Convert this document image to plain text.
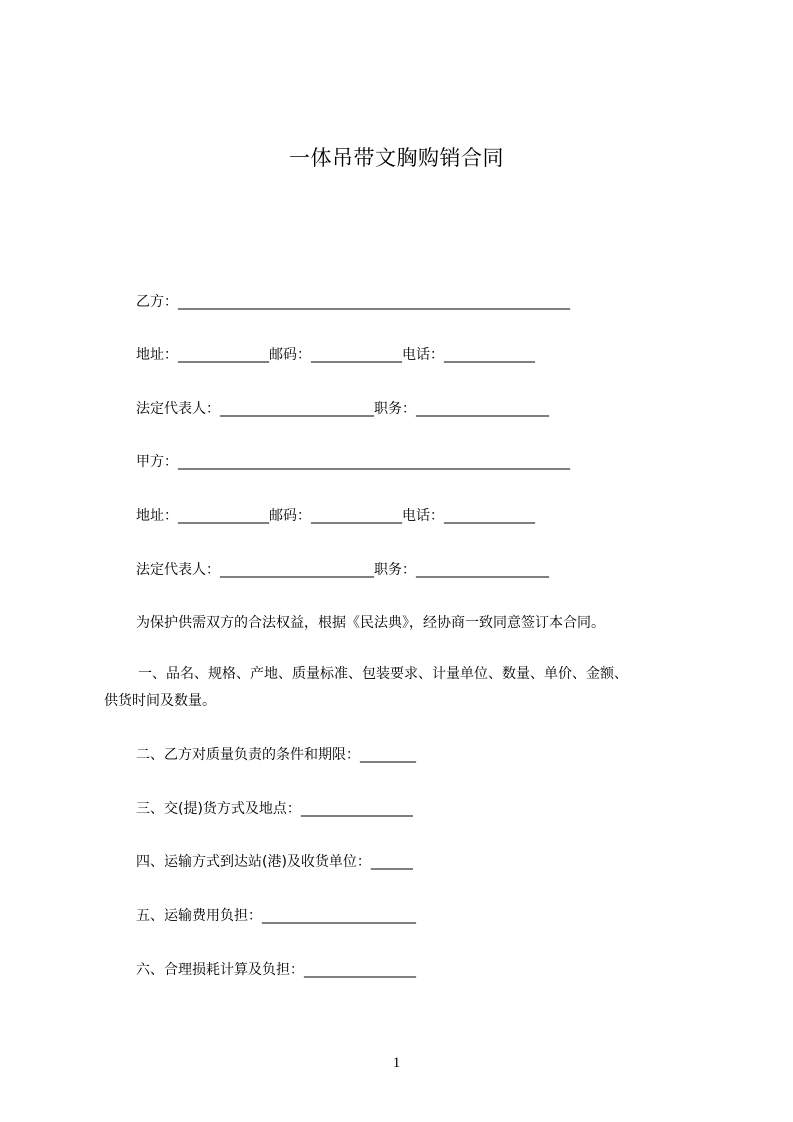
一体吊带文胸购销合同
乙方：________________________________________________________
地址：_____________邮码：_____________电话：_____________
法定代表人：______________________职务：___________________
甲方：________________________________________________________
地址：_____________邮码：_____________电话：_____________
法定代表人：______________________职务：___________________
为保护供需双方的合法权益，根据《民法典》，经协商一致同意签订本合同。
一、品名、规格、产地、质量标准、包装要求、计量单位、数量、单价、金额、
供货时间及数量。
二、乙方对质量负责的条件和期限：________
三、交(提)货方式及地点：________________
四、运输方式到达站(港)及收货单位：______
五、运输费用负担：______________________
六、合理损耗计算及负担：________________
1
